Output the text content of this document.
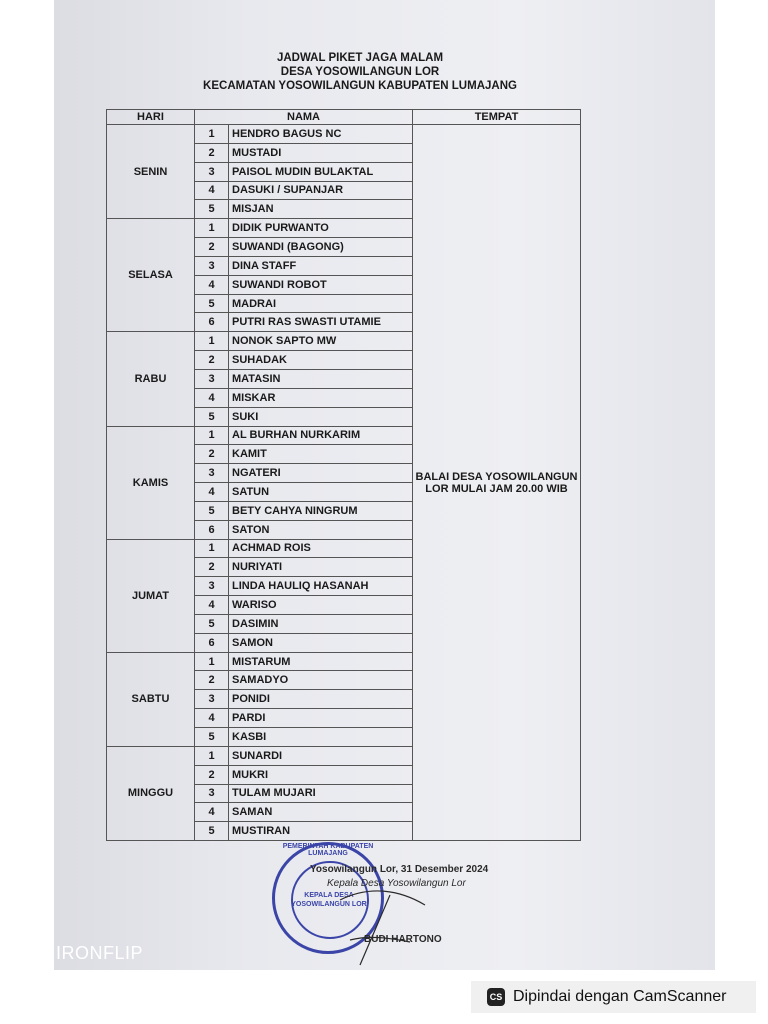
JADWAL PIKET JAGA MALAM
DESA YOSOWILANGUN LOR
KECAMATAN YOSOWILANGUN KABUPATEN LUMAJANG
HARI	NAMA		TEMPAT
SENIN	1	HENDRO BAGUS NC	BALAI DESA YOSOWILANGUN LOR MULAI JAM 20.00 WIB
	2	MUSTADI	
	3	PAISOL MUDIN BULAKTAL	
	4	DASUKI / SUPANJAR	
	5	MISJAN	
SELASA	1	DIDIK PURWANTO	
	2	SUWANDI (BAGONG)	
	3	DINA STAFF	
	4	SUWANDI ROBOT	
	5	MADRAI	
	6	PUTRI RAS SWASTI UTAMIE	
RABU	1	NONOK SAPTO MW	
	2	SUHADAK	
	3	MATASIN	
	4	MISKAR	
	5	SUKI	
KAMIS	1	AL BURHAN NURKARIM	
	2	KAMIT	
	3	NGATERI	
	4	SATUN	
	5	BETY CAHYA NINGRUM	
	6	SATON	
JUMAT	1	ACHMAD ROIS	
	2	NURIYATI	
	3	LINDA HAULIQ HASANAH	
	4	WARISO	
	5	DASIMIN	
	6	SAMON	
SABTU	1	MISTARUM	
	2	SAMADYO	
	3	PONIDI	
	4	PARDI	
	5	KASBI	
MINGGU	1	SUNARDI	
	2	MUKRI	
	3	TULAM MUJARI	
	4	SAMAN	
	5	MUSTIRAN	
PEMERINTAH KABUPATEN LUMAJANG
KEPALA DESA
YOSOWILANGUN LOR
Yosowilangun Lor, 31 Desember 2024
Kepala Desa Yosowilangun Lor
BUDI HARTONO
IRONFLIP
CS Dipindai dengan CamScanner
